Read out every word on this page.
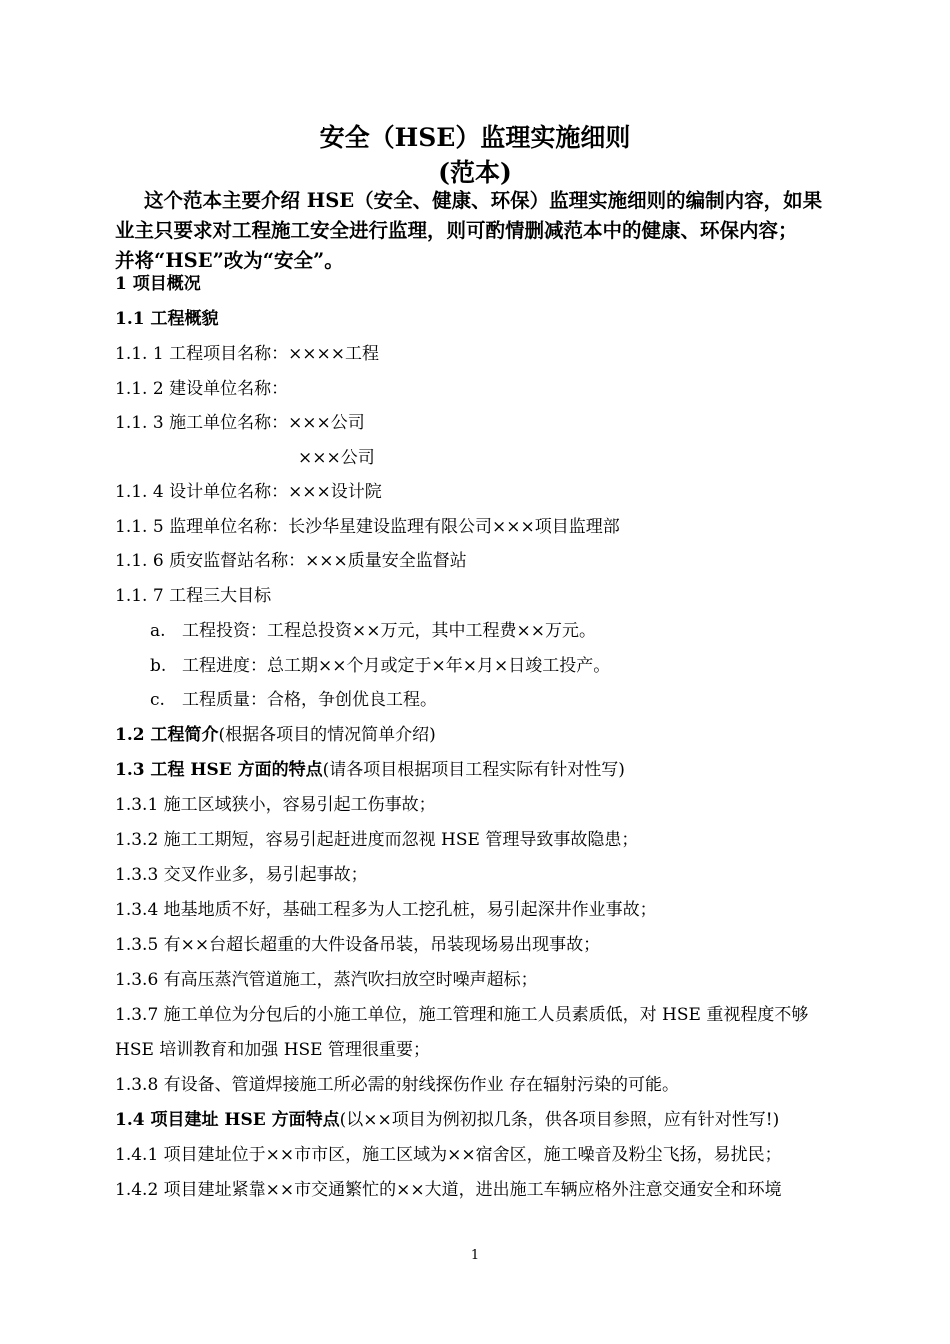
安全（HSE）监理实施细则
(范本)

这个范本主要介绍 HSE（安全、健康、环保）监理实施细则的编制内容，如果

业主只要求对工程施工安全进行监理，则可酌情删减范本中的健康、环保内容；

并将“HSE”改为“安全”。

1 项目概况
1.1 工程概貌
1.1. 1 工程项目名称：××××工程
1.1. 2 建设单位名称：
1.1. 3 施工单位名称：×××公司
×××公司
1.1. 4 设计单位名称：×××设计院
1.1. 5 监理单位名称：长沙华星建设监理有限公司×××项目监理部
1.1. 6 质安监督站名称：×××质量安全监督站
1.1. 7 工程三大目标
a. 工程投资：工程总投资××万元，其中工程费××万元。
b. 工程进度：总工期××个月或定于×年×月×日竣工投产。
c. 工程质量：合格，争创优良工程。
1.2 工程简介(根据各项目的情况简单介绍)
1.3 工程 HSE 方面的特点(请各项目根据项目工程实际有针对性写)
1.3.1 施工区域狭小，容易引起工伤事故；
1.3.2 施工工期短，容易引起赶进度而忽视 HSE 管理导致事故隐患；
1.3.3 交叉作业多，易引起事故；
1.3.4 地基地质不好，基础工程多为人工挖孔桩，易引起深井作业事故；
1.3.5 有××台超长超重的大件设备吊装，吊装现场易出现事故；
1.3.6 有高压蒸汽管道施工，蒸汽吹扫放空时噪声超标；
1.3.7 施工单位为分包后的小施工单位，施工管理和施工人员素质低，对 HSE 重视程度不够
HSE 培训教育和加强 HSE 管理很重要；
1.3.8 有设备、管道焊接施工所必需的射线探伤作业 存在辐射污染的可能。
1.4 项目建址 HSE 方面特点(以××项目为例初拟几条，供各项目参照，应有针对性写!)
1.4.1 项目建址位于××市市区，施工区域为××宿舍区，施工噪音及粉尘飞扬，易扰民；
1.4.2 项目建址紧靠××市交通繁忙的××大道，进出施工车辆应格外注意交通安全和环境
1
